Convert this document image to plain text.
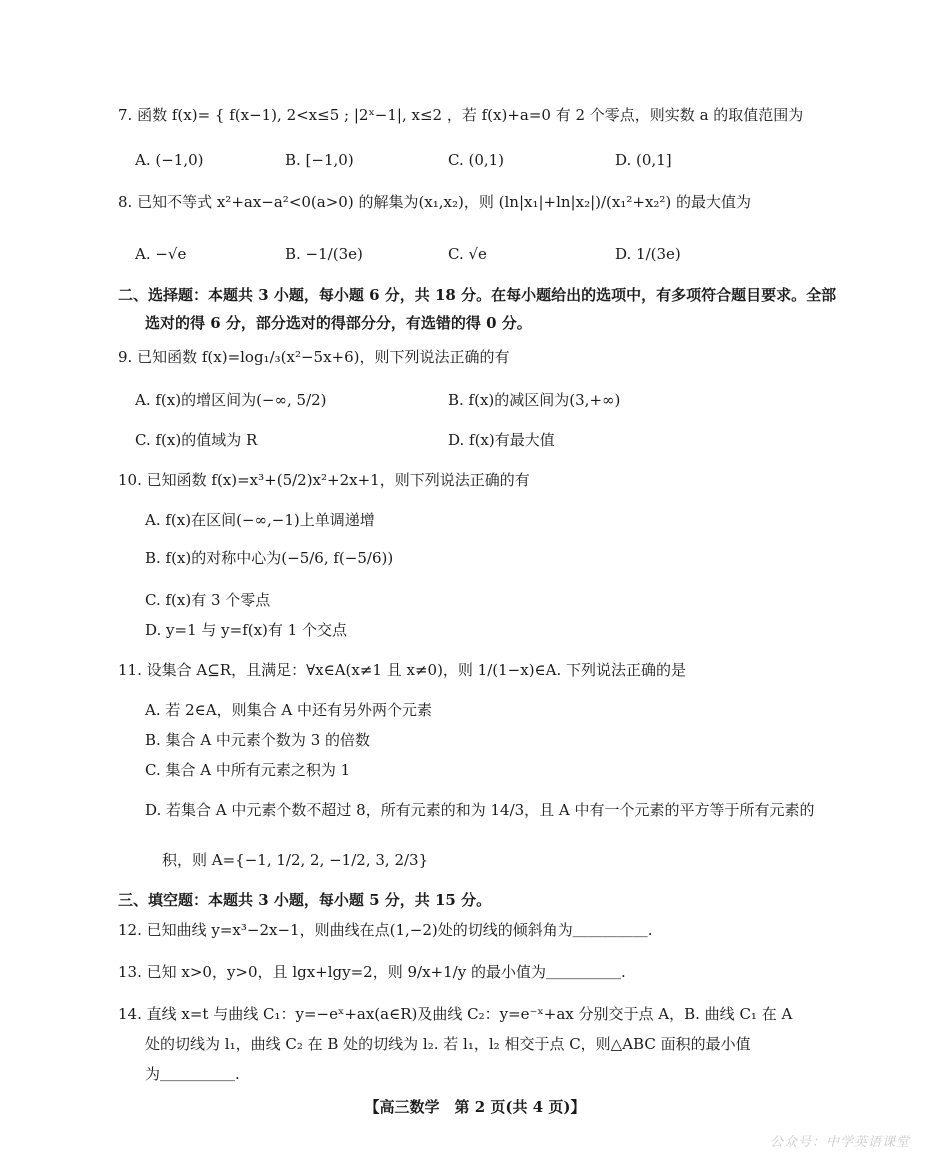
7. 函数 f(x)= { f(x−1), 2<x≤5 ; |2ˣ−1|, x≤2 ，若 f(x)+a=0 有 2 个零点，则实数 a 的取值范围为
A. (−1,0)	B. [−1,0)	C. (0,1)	D. (0,1]
8. 已知不等式 x²+ax−a²<0(a>0) 的解集为(x₁,x₂)，则 (ln|x₁|+ln|x₂|)/(x₁²+x₂²) 的最大值为
A. −√e	B. −1/(3e)	C. √e	D. 1/(3e)
二、选择题：本题共 3 小题，每小题 6 分，共 18 分。在每小题给出的选项中，有多项符合题目要求。全部
选对的得 6 分，部分选对的得部分分，有选错的得 0 分。
9. 已知函数 f(x)=log₁/₃(x²−5x+6)，则下列说法正确的有
A. f(x)的增区间为(−∞, 5/2)	B. f(x)的减区间为(3,+∞)
C. f(x)的值域为 R	D. f(x)有最大值
10. 已知函数 f(x)=x³+(5/2)x²+2x+1，则下列说法正确的有
A. f(x)在区间(−∞,−1)上单调递增
B. f(x)的对称中心为(−5/6, f(−5/6))
C. f(x)有 3 个零点
D. y=1 与 y=f(x)有 1 个交点
11. 设集合 A⊆R，且满足：∀x∈A(x≠1 且 x≠0)，则 1/(1−x)∈A. 下列说法正确的是
A. 若 2∈A，则集合 A 中还有另外两个元素
B. 集合 A 中元素个数为 3 的倍数
C. 集合 A 中所有元素之积为 1
D. 若集合 A 中元素个数不超过 8，所有元素的和为 14/3，且 A 中有一个元素的平方等于所有元素的
积，则 A={−1, 1/2, 2, −1/2, 3, 2/3}
三、填空题：本题共 3 小题，每小题 5 分，共 15 分。
12. 已知曲线 y=x³−2x−1，则曲线在点(1,−2)处的切线的倾斜角为＿＿＿＿＿.
13. 已知 x>0，y>0，且 lgx+lgy=2，则 9/x+1/y 的最小值为＿＿＿＿＿.
14. 直线 x=t 与曲线 C₁：y=−eˣ+ax(a∈R)及曲线 C₂：y=e⁻ˣ+ax 分别交于点 A，B. 曲线 C₁ 在 A
处的切线为 l₁，曲线 C₂ 在 B 处的切线为 l₂. 若 l₁，l₂ 相交于点 C，则△ABC 面积的最小值
为＿＿＿＿＿.
【高三数学　第 2 页(共 4 页)】
公众号：中学英语课堂
